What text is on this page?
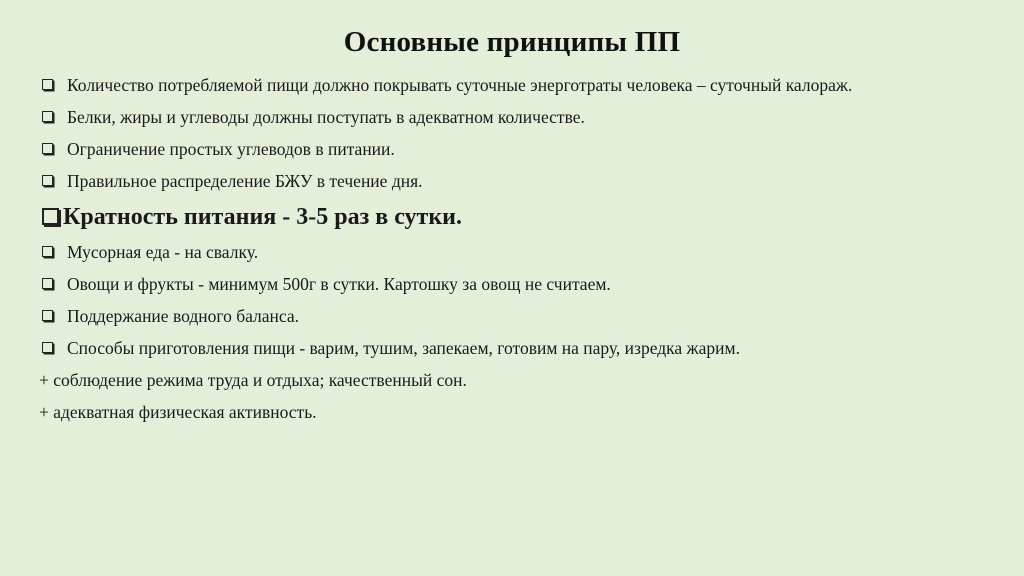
Основные принципы ПП
Количество потребляемой пищи должно покрывать суточные энерготраты человека – суточный калораж.
Белки, жиры и углеводы должны поступать в адекватном количестве.
Ограничение простых углеводов в питании.
Правильное распределение БЖУ в течение дня.
Кратность питания - 3-5 раз в сутки.
Мусорная еда - на свалку.
Овощи и фрукты - минимум 500г в сутки. Картошку за овощ не считаем.
Поддержание водного баланса.
Способы приготовления пищи - варим, тушим, запекаем, готовим на пару, изредка жарим.
+ соблюдение режима труда и отдыха; качественный сон.
+ адекватная физическая активность.
